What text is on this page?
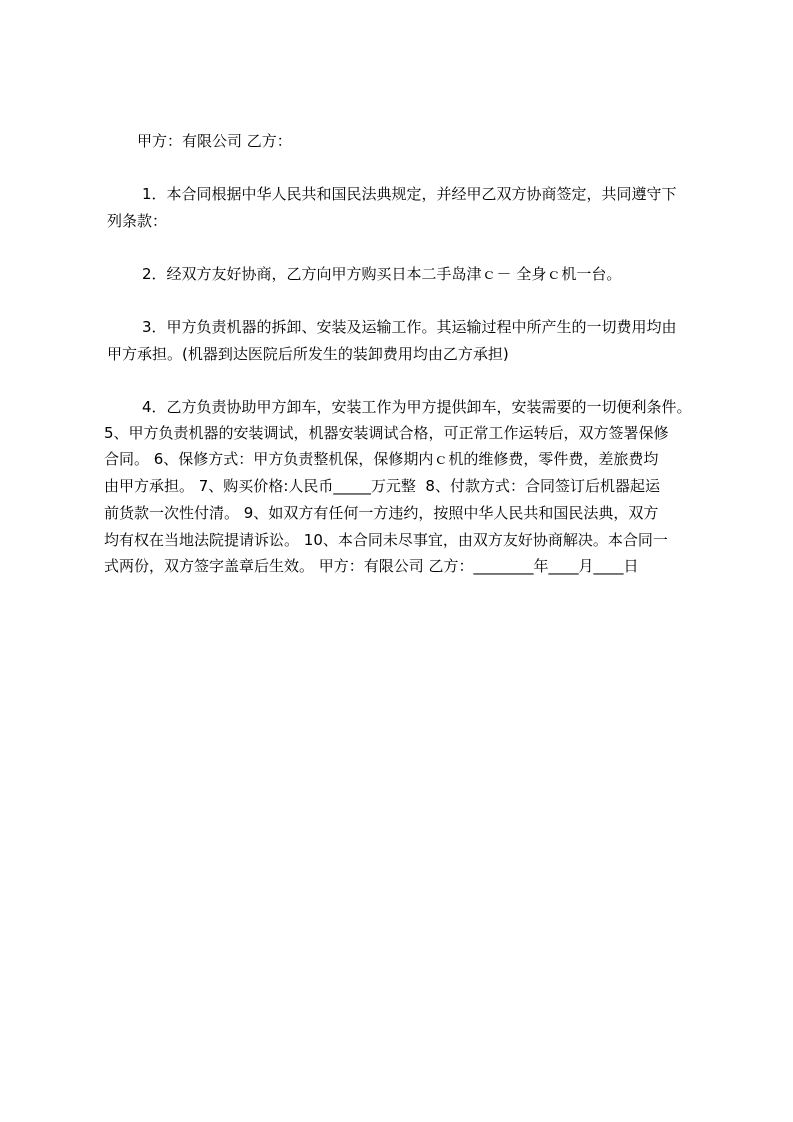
甲方：有限公司 乙方：
1．本合同根据中华人民共和国民法典规定，并经甲乙双方协商签定，共同遵守下
列条款：
2．经双方友好协商，乙方向甲方购买日本二手岛津ｃ－ 全身ｃ机一台。
3．甲方负责机器的拆卸、安装及运输工作。其运输过程中所产生的一切费用均由
甲方承担。(机器到达医院后所发生的装卸费用均由乙方承担)
4．乙方负责协助甲方卸车，安装工作为甲方提供卸车，安装需要的一切便利条件。
5、甲方负责机器的安装调试，机器安装调试合格，可正常工作运转后，双方签署保修
合同。 6、保修方式：甲方负责整机保，保修期内ｃ机的维修费，零件费，差旅费均
由甲方承担。 7、购买价格:人民币_____万元整  8、付款方式：合同签订后机器起运
前货款一次性付清。 9、如双方有任何一方违约，按照中华人民共和国民法典，双方
均有权在当地法院提请诉讼。 10、本合同未尽事宜，由双方友好协商解决。本合同一
式两份，双方签字盖章后生效。 甲方：有限公司 乙方：________年____月____日
